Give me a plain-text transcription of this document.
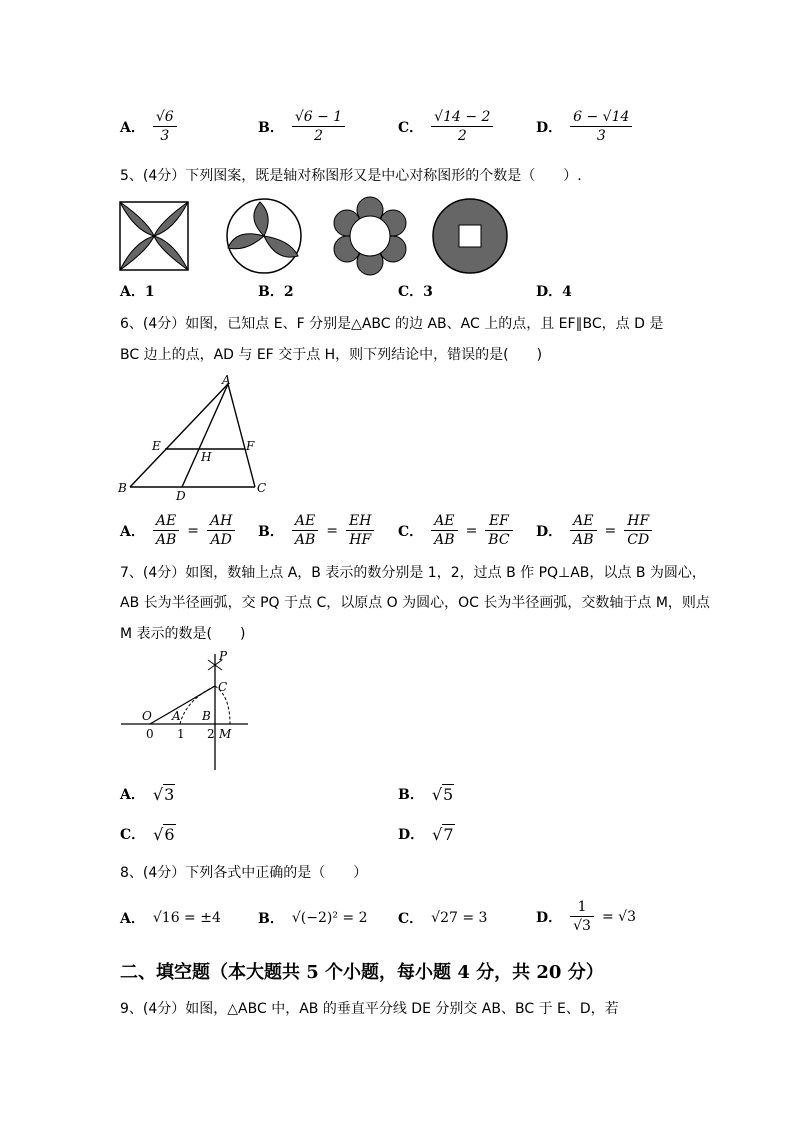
A． $\frac{√6}{3}$	B． $\frac{√6 - 1}{2}$	C． $\frac{√14 - 2}{2}$	D． $\frac{6 - √14}{3}$
5、(4分）下列图案，既是轴对称图形又是中心对称图形的个数是（　　）.
A．1	B．2	C．3	D．4
6、(4分）如图，已知点 E、F 分别是△ABC 的边 AB、AC 上的点，且 EF∥BC，点 D 是
BC 边上的点，AD 与 EF 交于点 H，则下列结论中，错误的是(　　)
A
E	F
H
B
D
C
A． $\frac{AE}{AB} = \frac{AH}{AD}$ B． $\frac{AE}{AB} = \frac{EH}{HF}$ C． $\frac{AE}{AB} = \frac{EF}{BC}$ D． $\frac{AE}{AB} = \frac{HF}{CD}$
7、(4分）如图，数轴上点 A，B 表示的数分别是 1，2，过点 B 作 PQ⊥AB，以点 B 为圆心，
AB 长为半径画弧，交 PQ 于点 C，以原点 O 为圆心，OC 长为半径画弧，交数轴于点 M，则点
M 表示的数是(　　)
P
C
O A B
M
0 1 2
A． √3	B． √5
C． √6	D． √7
8、(4分）下列各式中正确的是（　　）
A． √16 = ±4	B． √(−2)² = 2 C． √27 = 3	D． $\frac{1}{√3} = √3$
二、填空题（本大题共 5 个小题，每小题 4 分，共 20 分）
9、(4分）如图，△ABC 中，AB 的垂直平分线 DE 分别交 AB、BC 于 E、D，若
